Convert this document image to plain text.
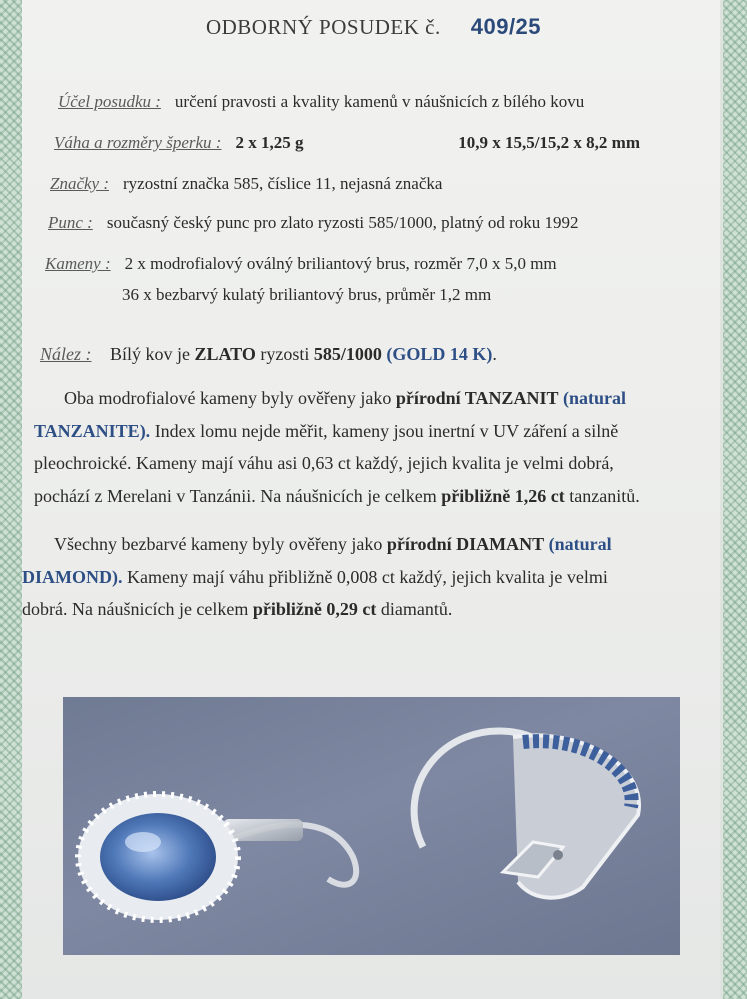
ODBORNÝ POSUDEK č. 409/25
Účel posudku : určení pravosti a kvality kamenů v náušnicích z bílého kovu
Váha a rozměry šperku : 2 x 1,25 g	10,9 x 15,5/15,2 x 8,2 mm
Značky : ryzostní značka 585, číslice 11, nejasná značka
Punc : současný český punc pro zlato ryzosti 585/1000, platný od roku 1992
Kameny : 2 x modrofialový oválný briliantový brus, rozměr 7,0 x 5,0 mm
36 x bezbarvý kulatý briliantový brus, průměr 1,2 mm
Nález : Bílý kov je ZLATO ryzosti 585/1000 (GOLD 14 K).
Oba modrofialové kameny byly ověřeny jako přírodní TANZANIT (natural
TANZANITE). Index lomu nejde měřit, kameny jsou inertní v UV záření a silně
pleochroické. Kameny mají váhu asi 0,63 ct každý, jejich kvalita je velmi dobrá,
pochází z Merelani v Tanzánii. Na náušnicích je celkem přibližně 1,26 ct tanzanitů.
Všechny bezbarvé kameny byly ověřeny jako přírodní DIAMANT (natural
DIAMOND). Kameny mají váhu přibližně 0,008 ct každý, jejich kvalita je velmi
dobrá. Na náušnicích je celkem přibližně 0,29 ct diamantů.
